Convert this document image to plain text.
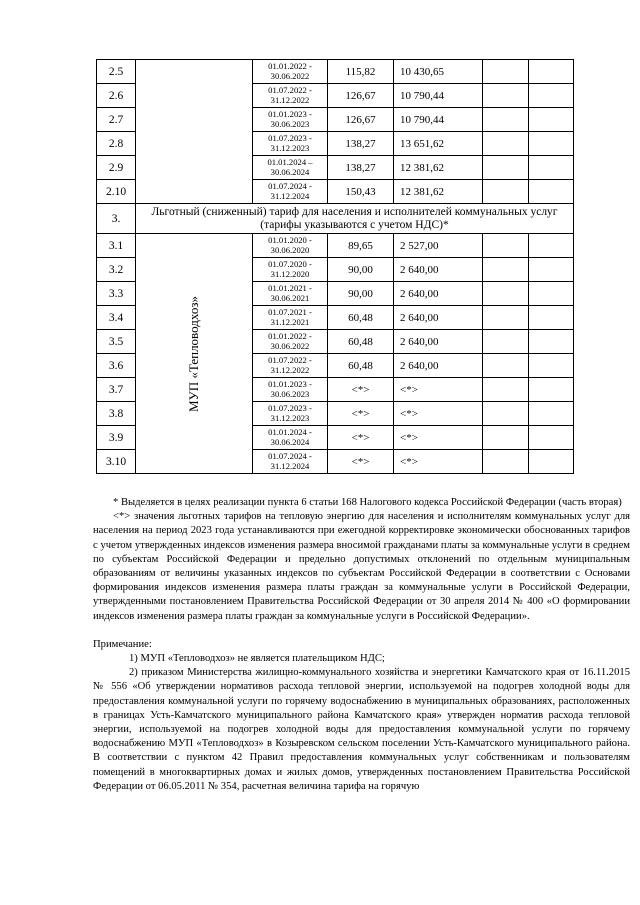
2.5		01.01.2022 -
30.06.2022	115,82	10 430,65		
2.6		01.07.2022 -
31.12.2022	126,67	10 790,44		
2.7		01.01.2023 -
30.06.2023	126,67	10 790,44		
2.8		01.07.2023 -
31.12.2023	138,27	13 651,62		
2.9		01.01.2024 –
30.06.2024	138,27	12 381,62		
2.10		01.07.2024 -
31.12.2024	150,43	12 381,62		
3.	Льготный (сниженный) тариф для населения и исполнителей коммунальных услуг
(тарифы указываются с учетом НДС)*					

3.1	МУП «Тепловодхоз»	01.01.2020 -
30.06.2020	89,65	2 527,00		
3.2		01.07.2020 -
31.12.2020	90,00	2 640,00		
3.3		01.01.2021 -
30.06.2021	90,00	2 640,00		
3.4		01.07.2021 -
31.12.2021	60,48	2 640,00		
3.5		01.01.2022 -
30.06.2022	60,48	2 640,00		
3.6		01.07.2022 -
31.12.2022	60,48	2 640,00		
3.7		01.01.2023 -
30.06.2023	<*>	<*>		
3.8		01.07.2023 -
31.12.2023	<*>	<*>		
3.9		01.01.2024 -
30.06.2024	<*>	<*>		
3.10		01.07.2024 -
31.12.2024	<*>	<*>		

* Выделяется в целях реализации пункта 6 статьи 168 Налогового кодекса Российской Федерации (часть вторая)

<*> значения льготных тарифов на тепловую энергию для населения и исполнителям коммунальных услуг для населения на период 2023 года устанавливаются при ежегодной корректировке экономически обоснованных тарифов с учетом утвержденных индексов изменения размера вносимой гражданами платы за коммунальные услуги в среднем по субъектам Российской Федерации и предельно допустимых отклонений по отдельным муниципальным образованиям от величины указанных индексов по субъектам Российской Федерации в соответствии с Основами формирования индексов изменения размера платы граждан за коммунальные услуги в Российской Федерации, утвержденными постановлением Правительства Российской Федерации от 30 апреля 2014 № 400 «О формировании индексов изменения размера платы граждан за коммунальные услуги в Российской Федерации».

Примечание:

1) МУП «Тепловодхоз» не является плательщиком НДС;

2) приказом Министерства жилищно-коммунального хозяйства и энергетики Камчатского края от 16.11.2015 № 556 «Об утверждении нормативов расхода тепловой энергии, используемой на подогрев холодной воды для предоставления коммунальной услуги по горячему водоснабжению в муниципальных образованиях, расположенных в границах Усть-Камчатского муниципального района Камчатского края» утвержден норматив расхода тепловой энергии, используемой на подогрев холодной воды для предоставления коммунальной услуги по горячему водоснабжению МУП «Тепловодхоз» в Козыревском сельском поселении Усть-Камчатского муниципального района. В соответствии с пунктом 42 Правил предоставления коммунальных услуг собственникам и пользователям помещений в многоквартирных домах и жилых домов, утвержденных постановлением Правительства Российской Федерации от 06.05.2011 № 354, расчетная величина тарифа на горячую
